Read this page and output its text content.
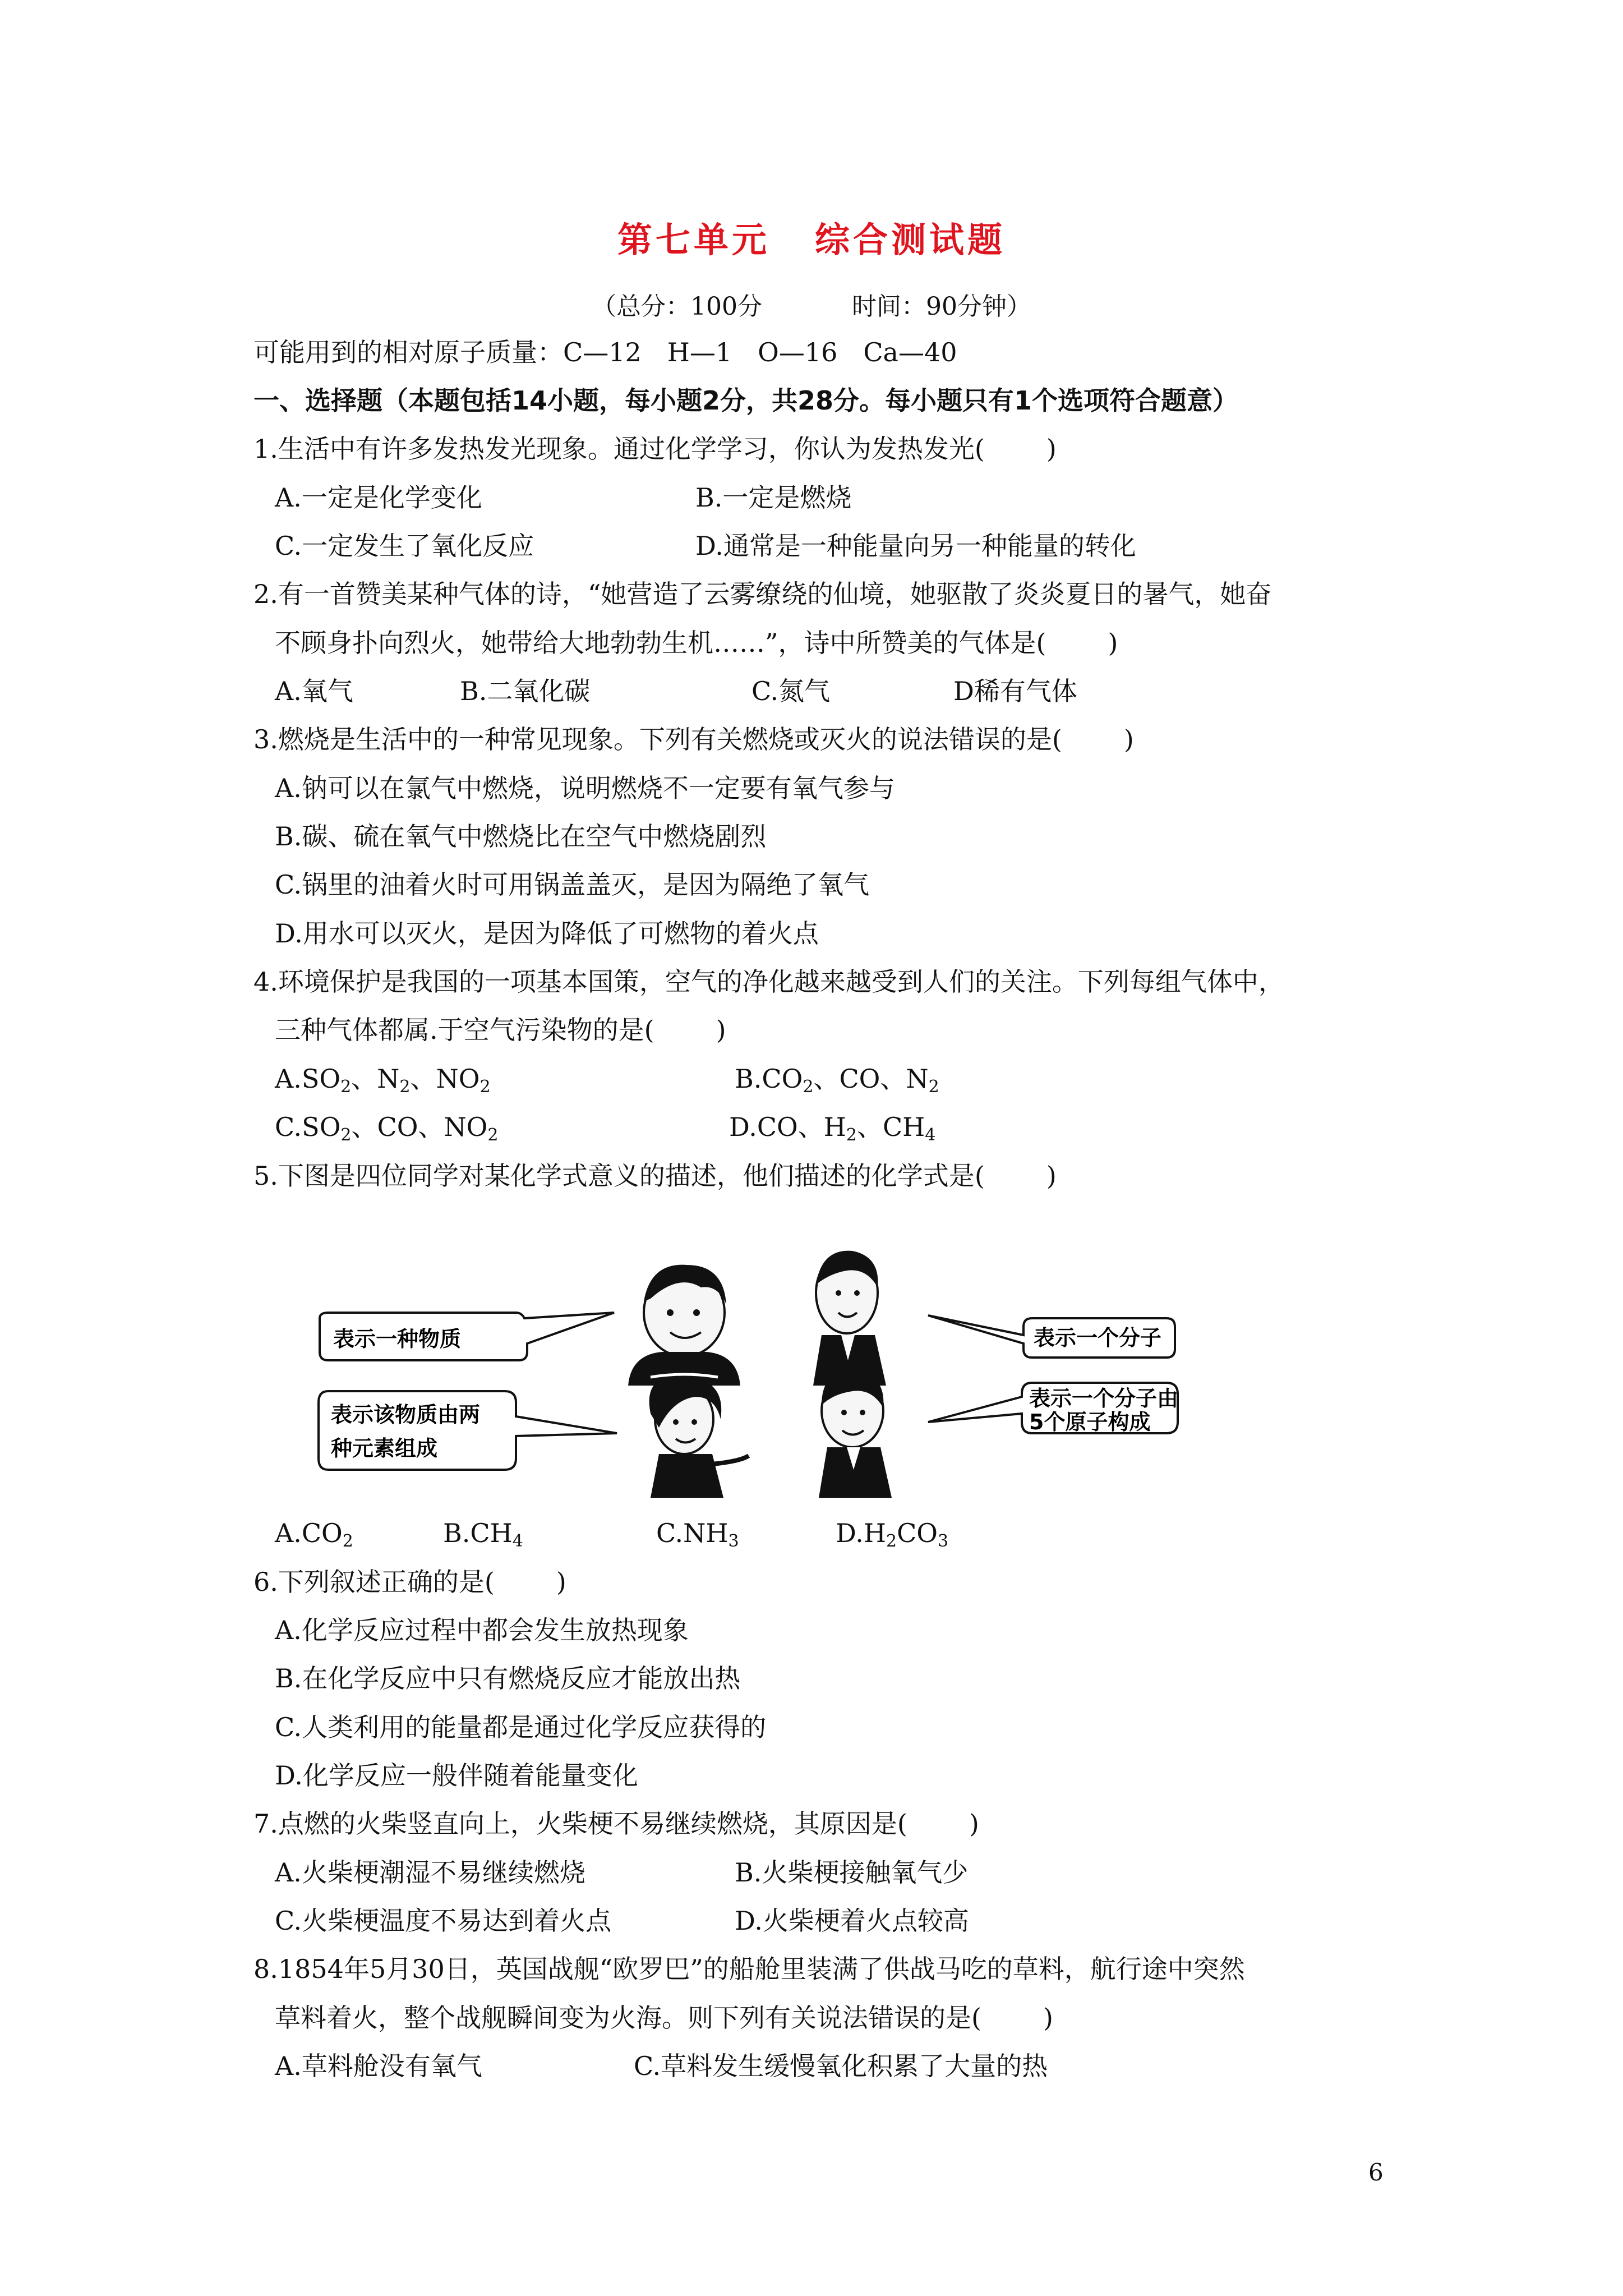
第七单元 综合测试题
（总分：100分	时间：90分钟）
可能用到的相对原子质量：C—12　H—1　O—16　Ca—40
一、选择题（本题包括14小题，每小题2分，共28分。每小题只有1个选项符合题意）
1.生活中有许多发热发光现象。通过化学学习，你认为发热发光( )
A.一定是化学变化	B.一定是燃烧
C.一定发生了氧化反应	D.通常是一种能量向另一种能量的转化
2.有一首赞美某种气体的诗，“她营造了云雾缭绕的仙境，她驱散了炎炎夏日的暑气，她奋
不顾身扑向烈火，她带给大地勃勃生机……”，诗中所赞美的气体是( )
A.氧气	B.二氧化碳	C.氮气	D稀有气体
3.燃烧是生活中的一种常见现象。下列有关燃烧或灭火的说法错误的是( )
A.钠可以在氯气中燃烧，说明燃烧不一定要有氧气参与
B.碳、硫在氧气中燃烧比在空气中燃烧剧烈
C.锅里的油着火时可用锅盖盖灭，是因为隔绝了氧气
D.用水可以灭火，是因为降低了可燃物的着火点
4.环境保护是我国的一项基本国策，空气的净化越来越受到人们的关注。下列每组气体中，
三种气体都属.于空气污染物的是( )
$A.SO_2$、$N_2$、$NO_2$	$B.CO_2$、CO、$N_2$
$C.SO_2$、CO、$NO_2$	D.CO、$H_2$、$CH_4$
5.下图是四位同学对某化学式意义的描述，他们描述的化学式是( )
表示一种物质	表示一个分子
表示该物质由两
种元素组成
表示一个分子由
5个原子构成
$A.CO_2$	$B.CH_4$	$C.NH_3$	$D.H_2CO_3$
6.下列叙述正确的是( )
A.化学反应过程中都会发生放热现象
B.在化学反应中只有燃烧反应才能放出热
C.人类利用的能量都是通过化学反应获得的
D.化学反应一般伴随着能量变化
7.点燃的火柴竖直向上，火柴梗不易继续燃烧，其原因是( )
A.火柴梗潮湿不易继续燃烧	B.火柴梗接触氧气少
C.火柴梗温度不易达到着火点	D.火柴梗着火点较高
8.1854年5月30日，英国战舰“欧罗巴”的船舱里装满了供战马吃的草料，航行途中突然
草料着火，整个战舰瞬间变为火海。则下列有关说法错误的是( )
A.草料舱没有氧气	C.草料发生缓慢氧化积累了大量的热
6
